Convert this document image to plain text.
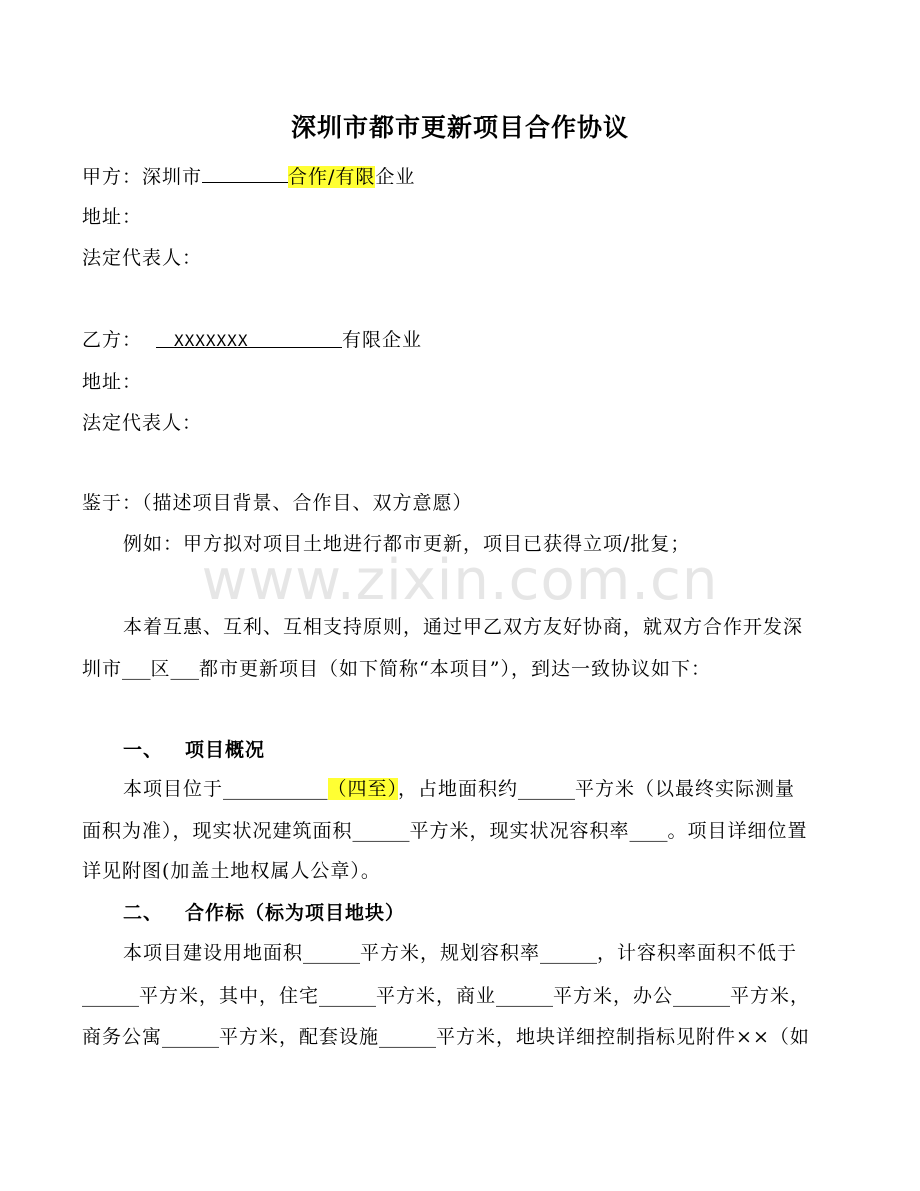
www.zixin.com.cn
深圳市都市更新项目合作协议
甲方：深圳市	合作/有限企业
地址：
法定代表人：
乙方： XXXXXXX	有限企业
地址：
法定代表人：
鉴于：（描述项目背景、合作目、双方意愿）
例如：甲方拟对项目土地进行都市更新，项目已获得立项/批复；
本着互惠、互利、互相支持原则，通过甲乙双方友好协商，就双方合作开发深
圳市___区___都市更新项目（如下简称“本项目”），到达一致协议如下：
一、 项目概况
本项目位于___________（四至），占地面积约______平方米（以最终实际测量
面积为准），现实状况建筑面积______平方米，现实状况容积率____。项目详细位置
详见附图(加盖土地权属人公章）。
二、 合作标（标为项目地块）
本项目建设用地面积______平方米，规划容积率______，计容积率面积不低于
______平方米，其中，住宅______平方米，商业______平方米，办公______平方米，
商务公寓______平方米，配套设施______平方米，地块详细控制指标见附件××（如
